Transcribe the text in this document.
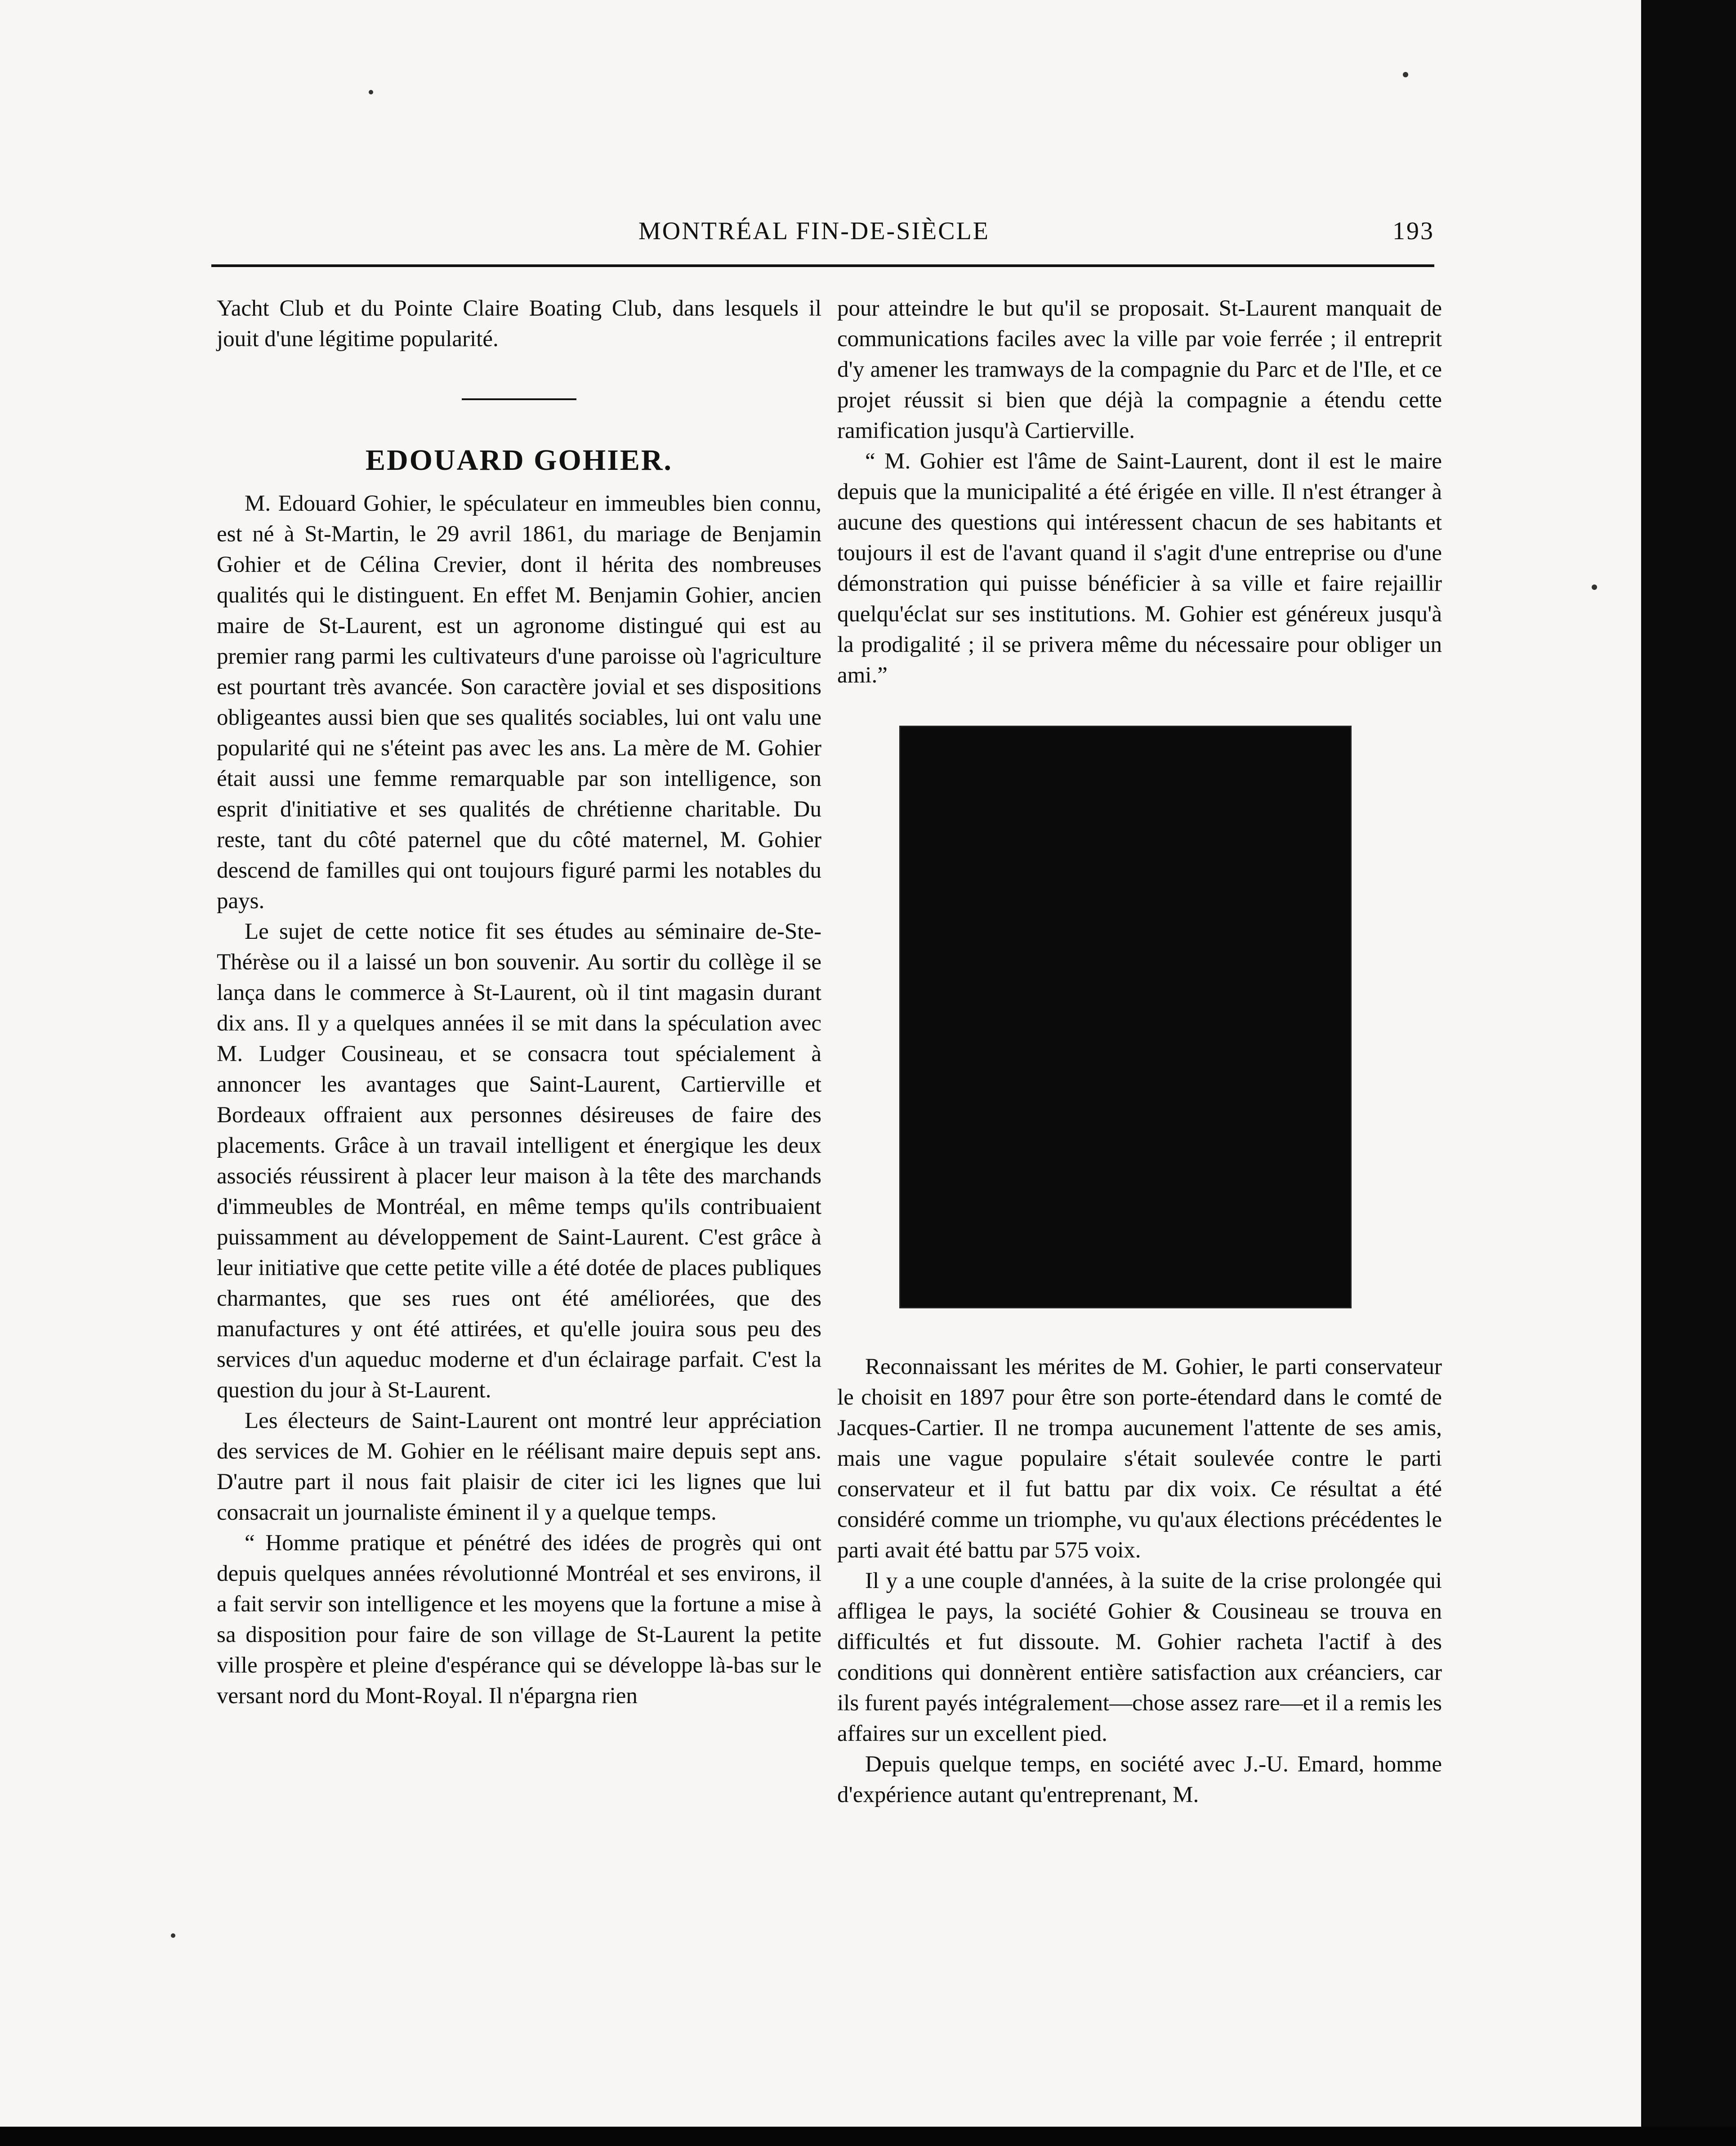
MONTRÉAL FIN-DE-SIÈCLE	193

Yacht Club et du Pointe Claire Boating Club, dans lesquels il jouit d'une légitime popularité.

EDOUARD GOHIER.

M. Edouard Gohier, le spéculateur en immeubles bien connu, est né à St-Martin, le 29 avril 1861, du mariage de Benjamin Gohier et de Célina Crevier, dont il hérita des nombreuses qualités qui le distinguent. En effet M. Benjamin Gohier, ancien maire de St-Laurent, est un agronome distingué qui est au premier rang parmi les cultivateurs d'une paroisse où l'agriculture est pourtant très avancée. Son caractère jovial et ses dispositions obligeantes aussi bien que ses qualités sociables, lui ont valu une popularité qui ne s'éteint pas avec les ans. La mère de M. Gohier était aussi une femme remarquable par son intelligence, son esprit d'initiative et ses qualités de chrétienne charitable. Du reste, tant du côté paternel que du côté maternel, M. Gohier descend de familles qui ont toujours figuré parmi les notables du pays.

Le sujet de cette notice fit ses études au séminaire de-Ste-Thérèse ou il a laissé un bon souvenir. Au sortir du collège il se lança dans le commerce à St-Laurent, où il tint magasin durant dix ans. Il y a quelques années il se mit dans la spéculation avec M. Ludger Cousineau, et se consacra tout spécialement à annoncer les avantages que Saint-Laurent, Cartierville et Bordeaux offraient aux personnes désireuses de faire des placements. Grâce à un travail intelligent et énergique les deux associés réussirent à placer leur maison à la tête des marchands d'immeubles de Montréal, en même temps qu'ils contribuaient puissamment au développement de Saint-Laurent. C'est grâce à leur initiative que cette petite ville a été dotée de places publiques charmantes, que ses rues ont été améliorées, que des manufactures y ont été attirées, et qu'elle jouira sous peu des services d'un aqueduc moderne et d'un éclairage parfait. C'est la question du jour à St-Laurent.

Les électeurs de Saint-Laurent ont montré leur appréciation des services de M. Gohier en le réélisant maire depuis sept ans. D'autre part il nous fait plaisir de citer ici les lignes que lui consacrait un journaliste éminent il y a quelque temps.

“ Homme pratique et pénétré des idées de progrès qui ont depuis quelques années révolutionné Montréal et ses environs, il a fait servir son intelligence et les moyens que la fortune a mise à sa disposition pour faire de son village de St-Laurent la petite ville prospère et pleine d'espérance qui se développe là-bas sur le versant nord du Mont-Royal. Il n'épargna rien

pour atteindre le but qu'il se proposait. St-Laurent manquait de communications faciles avec la ville par voie ferrée ; il entreprit d'y amener les tramways de la compagnie du Parc et de l'Ile, et ce projet réussit si bien que déjà la compagnie a étendu cette ramification jusqu'à Cartierville.

“ M. Gohier est l'âme de Saint-Laurent, dont il est le maire depuis que la municipalité a été érigée en ville. Il n'est étranger à aucune des questions qui intéressent chacun de ses habitants et toujours il est de l'avant quand il s'agit d'une entreprise ou d'une démonstration qui puisse bénéficier à sa ville et faire rejaillir quelqu'éclat sur ses institutions. M. Gohier est généreux jusqu'à la prodigalité ; il se privera même du nécessaire pour obliger un ami.”

Reconnaissant les mérites de M. Gohier, le parti conservateur le choisit en 1897 pour être son porte-étendard dans le comté de Jacques-Cartier. Il ne trompa aucunement l'attente de ses amis, mais une vague populaire s'était soulevée contre le parti conservateur et il fut battu par dix voix. Ce résultat a été considéré comme un triomphe, vu qu'aux élections précédentes le parti avait été battu par 575 voix.

Il y a une couple d'années, à la suite de la crise prolongée qui affligea le pays, la société Gohier & Cousineau se trouva en difficultés et fut dissoute. M. Gohier racheta l'actif à des conditions qui donnèrent entière satisfaction aux créanciers, car ils furent payés intégralement—chose assez rare—et il a remis les affaires sur un excellent pied.

Depuis quelque temps, en société avec J.-U. Emard, homme d'expérience autant qu'entreprenant, M.
